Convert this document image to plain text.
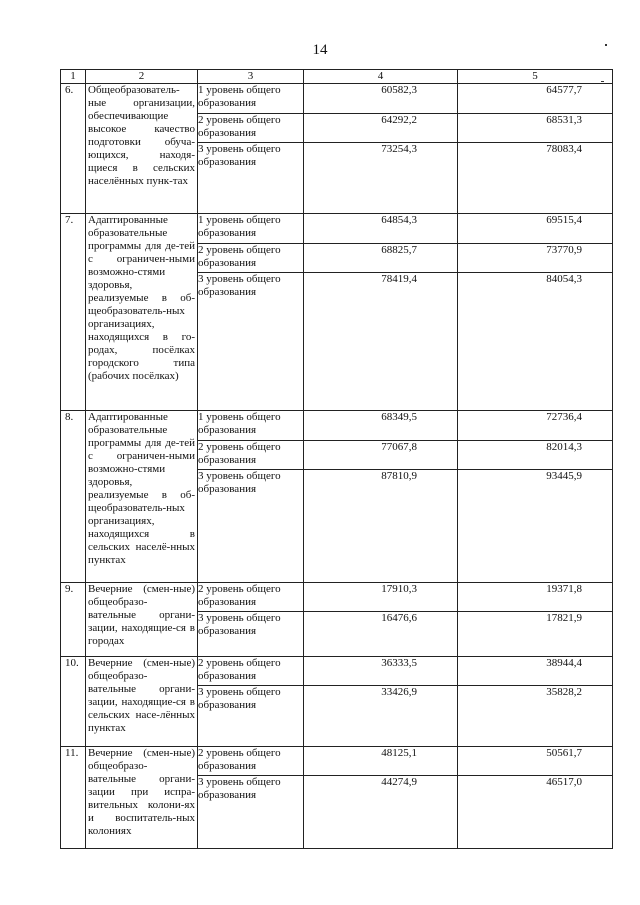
14
1	2	3	4	5
6.	Общеобразователь-ные организации, обеспечивающие высокое качество подготовки обуча-ющихся, находя-щиеся в сельских населённых пунк-тах	1 уровень общего образования	60582,3	64577,7
		2 уровень общего образования	64292,2	68531,3
		3 уровень общего образования	73254,3	78083,4
7.	Адаптированные образовательные программы для де-тей с ограничен-ными возможно-стями здоровья, реализуемые в об-щеобразователь-ных организациях, находящихся в го-родах, посёлках городского типа (рабочих посёлках)	1 уровень общего образования	64854,3	69515,4
		2 уровень общего образования	68825,7	73770,9
		3 уровень общего образования	78419,4	84054,3
8.	Адаптированные образовательные программы для де-тей с ограничен-ными возможно-стями здоровья, реализуемые в об-щеобразователь-ных организациях, находящихся в сельских населё-нных пунктах	1 уровень общего образования	68349,5	72736,4
		2 уровень общего образования	77067,8	82014,3
		3 уровень общего образования	87810,9	93445,9
9.	Вечерние (смен-ные) общеобразо-вательные органи-зации, находящие-ся в городах	2 уровень общего образования	17910,3	19371,8
		3 уровень общего образования	16476,6	17821,9
10.	Вечерние (смен-ные) общеобразо-вательные органи-зации, находящие-ся в сельских насе-лённых пунктах	2 уровень общего образования	36333,5	38944,4
		3 уровень общего образования	33426,9	35828,2
11.	Вечерние (смен-ные) общеобразо-вательные органи-зации при испра-вительных колони-ях и воспитатель-ных колониях	2 уровень общего образования	48125,1	50561,7
		3 уровень общего образования	44274,9	46517,0
